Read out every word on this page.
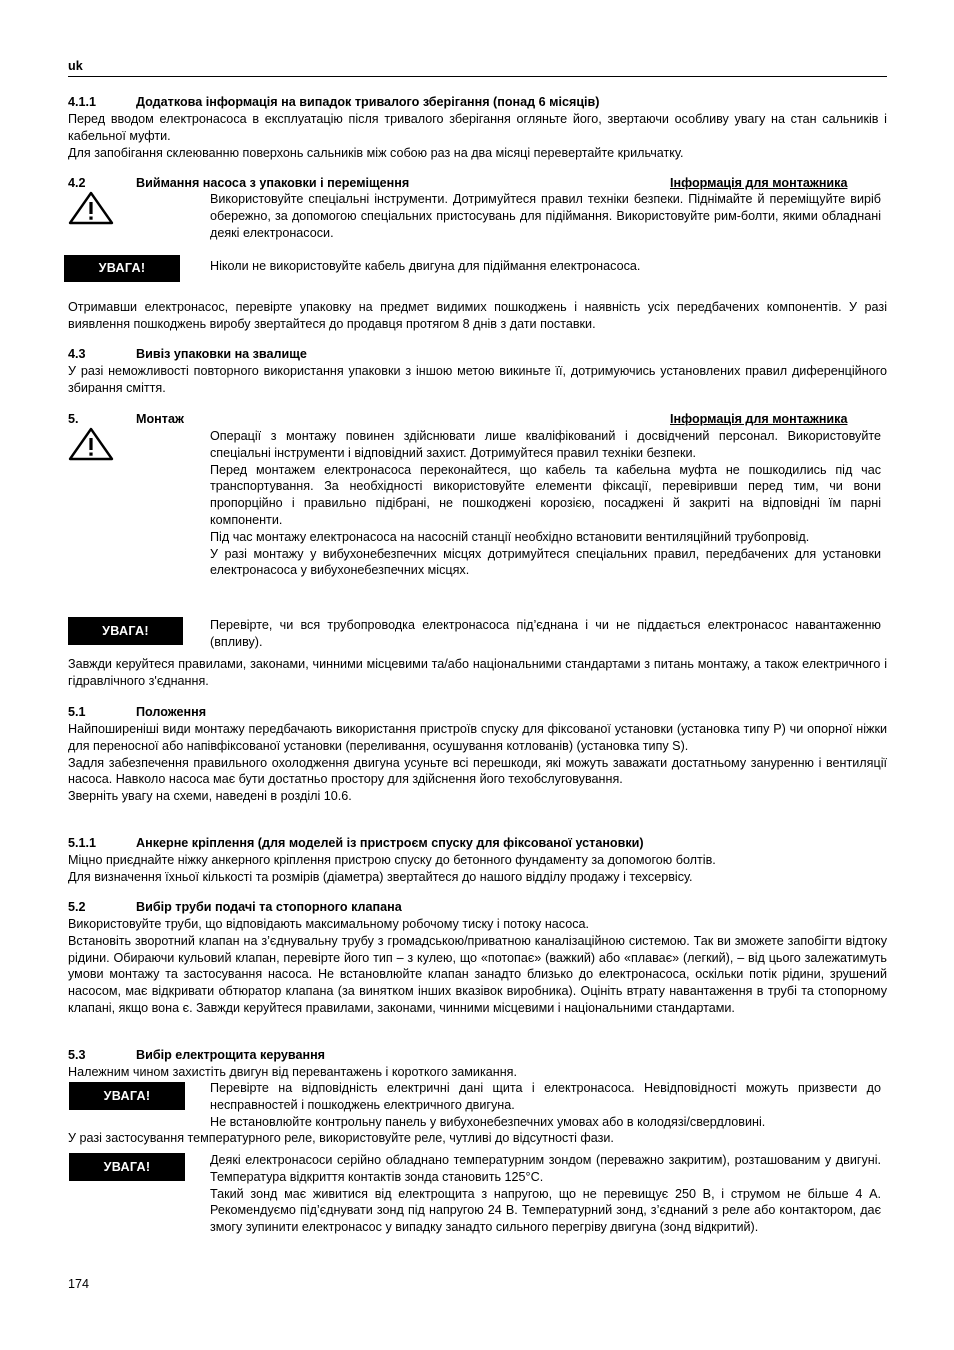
uk
4.1.1	Додаткова інформація на випадок тривалого зберігання (понад 6 місяців)

Перед вводом електронасоса в експлуатацію після тривалого зберігання огляньте його, звертаючи особливу увагу на стан сальників і кабельної муфти.

Для запобігання склеюванню поверхонь сальників між собою раз на два місяці перевертайте крильчатку.

4.2	Виймання насоса з упаковки і переміщення	Інформація для монтажника

Використовуйте спеціальні інструменти. Дотримуйтеся правил техніки безпеки. Піднімайте й переміщуйте виріб обережно, за допомогою спеціальних пристосувань для підіймання. Використовуйте рим-болти, якими обладнані деякі електронасоси.

УВАГА!	Ніколи не використовуйте кабель двигуна для підіймання електронасоса.

Отримавши електронасос, перевірте упаковку на предмет видимих пошкоджень і наявність усіх передбачених компонентів. У разі виявлення пошкоджень виробу звертайтеся до продавця протягом 8 днів з дати поставки.

4.3	Вивіз упаковки на звалище

У разі неможливості повторного використання упаковки з іншою метою викиньте її, дотримуючись установлених правил диференційного збирання сміття.

5.	Монтаж	Інформація для монтажника

Операції з монтажу повинен здійснювати лише кваліфікований і досвідчений персонал. Використовуйте спеціальні інструменти і відповідний захист. Дотримуйтеся правил техніки безпеки.

Перед монтажем електронасоса переконайтеся, що кабель та кабельна муфта не пошкодились під час транспортування. За необхідності використовуйте елементи фіксації, перевіривши перед тим, чи вони пропорційно і правильно підібрані, не пошкоджені корозією, посаджені й закриті на відповідні їм парні компоненти.

Під час монтажу електронасоса на насосній станції необхідно встановити вентиляційний трубопровід.

У разі монтажу у вибухонебезпечних місцях дотримуйтеся спеціальних правил, передбачених для установки електронасоса у вибухонебезпечних місцях.

УВАГА!	Перевірте, чи вся трубопроводка електронасоса під’єднана і чи не піддається електронасос навантаженню (впливу).

Завжди керуйтеся правилами, законами, чинними місцевими та/або національними стандартами з питань монтажу, а також електричного і гідравлічного з'єднання.

5.1	Положення

Найпоширеніші види монтажу передбачають використання пристроїв спуску для фіксованої установки (установка типу P) чи опорної ніжки для переносної або напівфіксованої установки (переливання, осушування котлованів) (установка типу S).

Задля забезпечення правильного охолодження двигуна усуньте всі перешкоди, які можуть заважати достатньому зануренню і вентиляції насоса. Навколо насоса має бути достатньо простору для здійснення його техобслуговування.

Зверніть увагу на схеми, наведені в розділі 10.6.

5.1.1	Анкерне кріплення (для моделей із пристроєм спуску для фіксованої установки)

Міцно приєднайте ніжку анкерного кріплення пристрою спуску до бетонного фундаменту за допомогою болтів.

Для визначення їхньої кількості та розмірів (діаметра) звертайтеся до нашого відділу продажу і техсервісу.

5.2	Вибір труби подачі та стопорного клапана

Використовуйте труби, що відповідають максимальному робочому тиску і потоку насоса.

Встановіть зворотний клапан на з’єднувальну трубу з громадською/приватною каналізаційною системою. Так ви зможете запобігти відтоку рідини. Обираючи кульовий клапан, перевірте його тип – з кулею, що «потопає» (важкий) або «плаває» (легкий), – від цього залежатимуть умови монтажу та застосування насоса. Не встановлюйте клапан занадто близько до електронасоса, оскільки потік рідини, зрушений насосом, має відкривати обтюратор клапана (за винятком інших вказівок виробника). Оцініть втрату навантаження в трубі та стопорному клапані, якщо вона є. Завжди керуйтеся правилами, законами, чинними місцевими і національними стандартами.

5.3	Вибір електрощита керування

Належним чином захистіть двигун від перевантажень і короткого замикання.

УВАГА!

Перевірте на відповідність електричні дані щита і електронасоса. Невідповідності можуть призвести до несправностей і пошкоджень електричного двигуна.

Не встановлюйте контрольну панель у вибухонебезпечних умовах або в колодязі/свердловині.

У разі застосування температурного реле, використовуйте реле, чутливі до відсутності фази.

УВАГА!	Деякі електронасоси серійно обладнано температурним зондом (переважно закритим), розташованим у двигуні. Температура відкриття контактів зонда становить 125°C.

Такий зонд має живитися від електрощита з напругою, що не перевищує 250 В, і струмом не більше 4 А. Рекомендуємо під’єднувати зонд під напругою 24 В. Температурний зонд, з’єднаний з реле або контактором, дає змогу зупинити електронасос у випадку занадто сильного перегріву двигуна (зонд відкритий).

174
